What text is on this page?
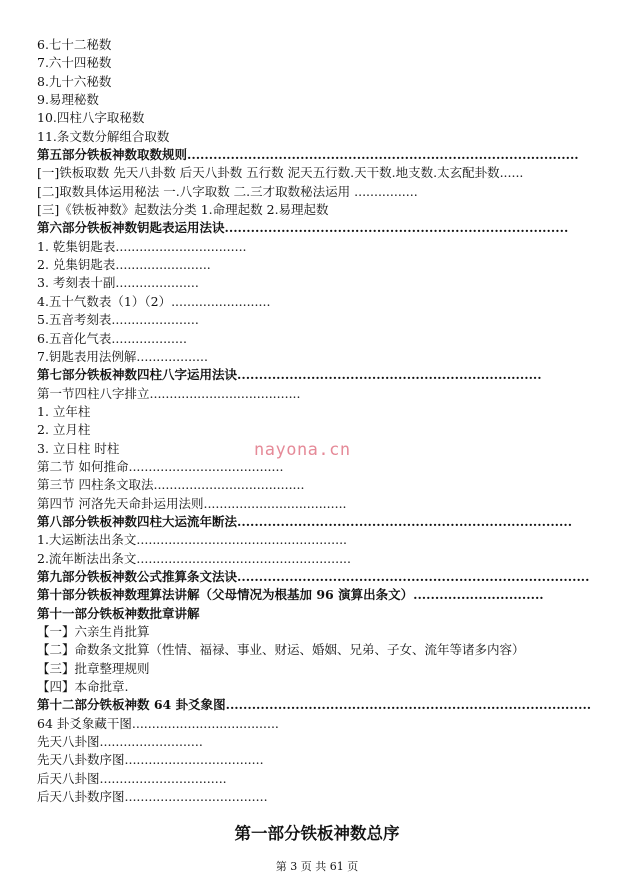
6.七十二秘数
7.六十四秘数
8.九十六秘数
9.易理秘数
10.四柱八字取秘数
11.条文数分解组合取数
第五部分铁板神数取数规则..........................................................................................
[一]铁板取数 先天八卦数 后天八卦数 五行数 泥天五行数.天干数.地支数.太玄配卦数......
[二]取数具体运用秘法 一.八字取数 二.三才取数秘法运用 ................
[三]《铁板神数》起数法分类 1.命理起数 2.易理起数
第六部分铁板神数钥匙表运用法诀...............................................................................
1. 乾集钥匙表.................................
2. 兑集钥匙表........................
3. 考刻表十副.....................
4.五十气数表（1）（2）.........................
5.五音考刻表......................
6.五音化气表...................
7.钥匙表用法例解..................
第七部分铁板神数四柱八字运用法诀......................................................................
第一节四柱八字排立......................................
1. 立年柱
2. 立月柱
3. 立日柱 时柱
第二节 如何推命.......................................
第三节 四柱条文取法......................................
第四节 河洛先天命卦运用法则....................................
第八部分铁板神数四柱大运流年断法.............................................................................
1.大运断法出条文.....................................................
2.流年断法出条文......................................................
第九部分铁板神数公式推算条文法诀.................................................................................
第十部分铁板神数理算法讲解（父母情况为根基加 96 演算出条文）..............................
第十一部分铁板神数批章讲解
【一】六亲生肖批算
【二】命数条文批算（性情、福禄、事业、财运、婚姻、兄弟、子女、流年等诸多内容）
【三】批章整理规则
【四】本命批章.
第十二部分铁板神数 64 卦爻象图....................................................................................
64 卦爻象藏干图.....................................
先天八卦图..........................
先天八卦数序图...................................
后天八卦图................................
后天八卦数序图....................................
nayona.cn
第一部分铁板神数总序
第 3 页 共 61 页
